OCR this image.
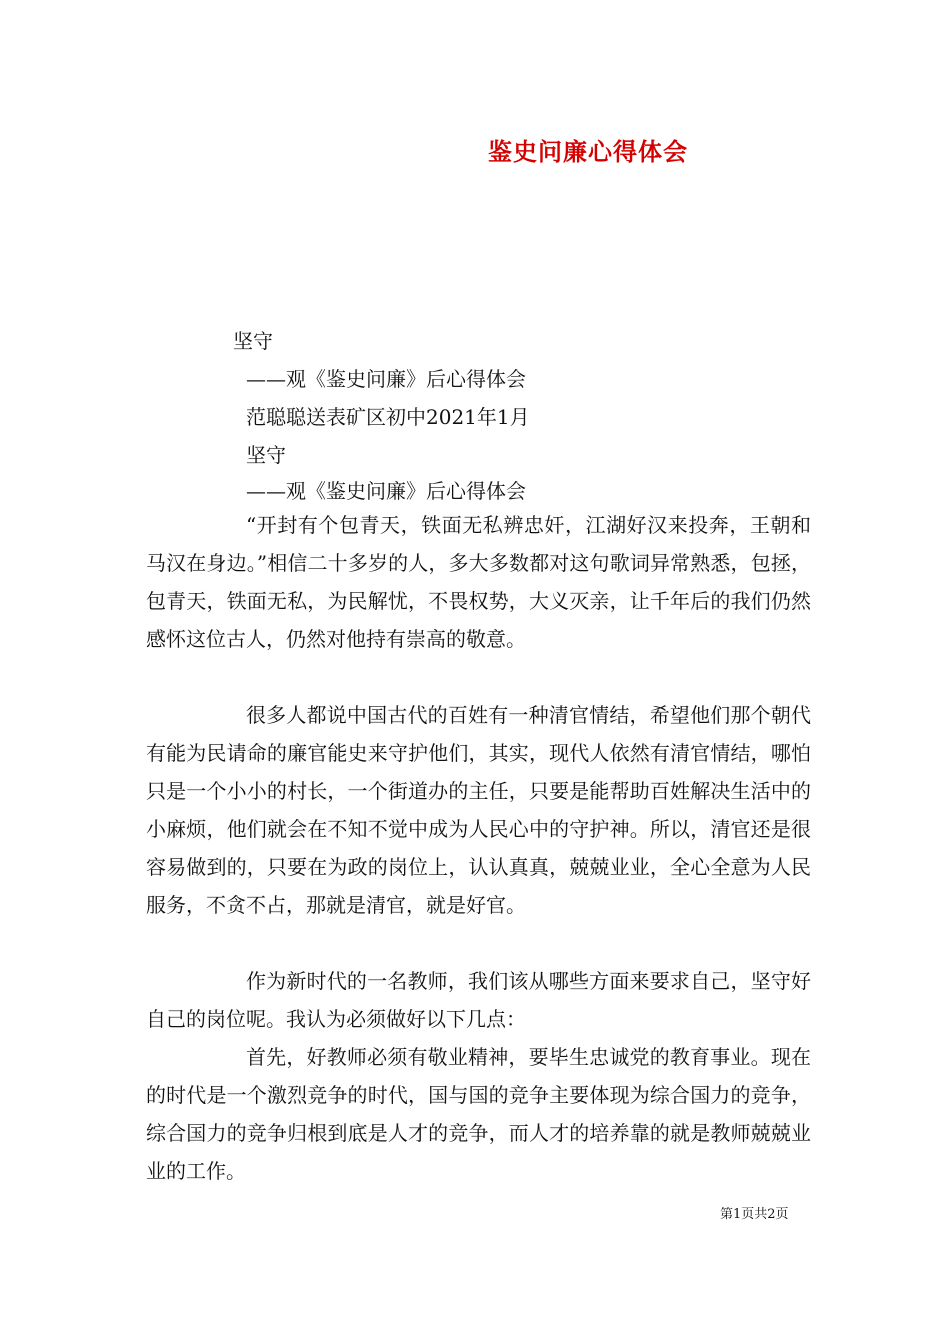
鉴史问廉心得体会
坚守
——观《鉴史问廉》后心得体会
范聪聪送表矿区初中2021年1月
坚守
——观《鉴史问廉》后心得体会

“开封有个包青天，铁面无私辨忠奸，江湖好汉来投奔，王朝和马汉在身边。”相信二十多岁的人，多大多数都对这句歌词异常熟悉，包拯，包青天，铁面无私，为民解忧，不畏权势，大义灭亲，让千年后的我们仍然感怀这位古人，仍然对他持有崇高的敬意。

很多人都说中国古代的百姓有一种清官情结，希望他们那个朝代有能为民请命的廉官能史来守护他们，其实，现代人依然有清官情结，哪怕只是一个小小的村长，一个街道办的主任，只要是能帮助百姓解决生活中的小麻烦，他们就会在不知不觉中成为人民心中的守护神。所以，清官还是很容易做到的，只要在为政的岗位上，认认真真，兢兢业业，全心全意为人民服务，不贪不占，那就是清官，就是好官。

作为新时代的一名教师，我们该从哪些方面来要求自己，坚守好自己的岗位呢。我认为必须做好以下几点：

首先，好教师必须有敬业精神，要毕生忠诚党的教育事业。现在的时代是一个激烈竞争的时代，国与国的竞争主要体现为综合国力的竞争，综合国力的竞争归根到底是人才的竞争，而人才的培养靠的就是教师兢兢业业的工作。

第1页共2页
